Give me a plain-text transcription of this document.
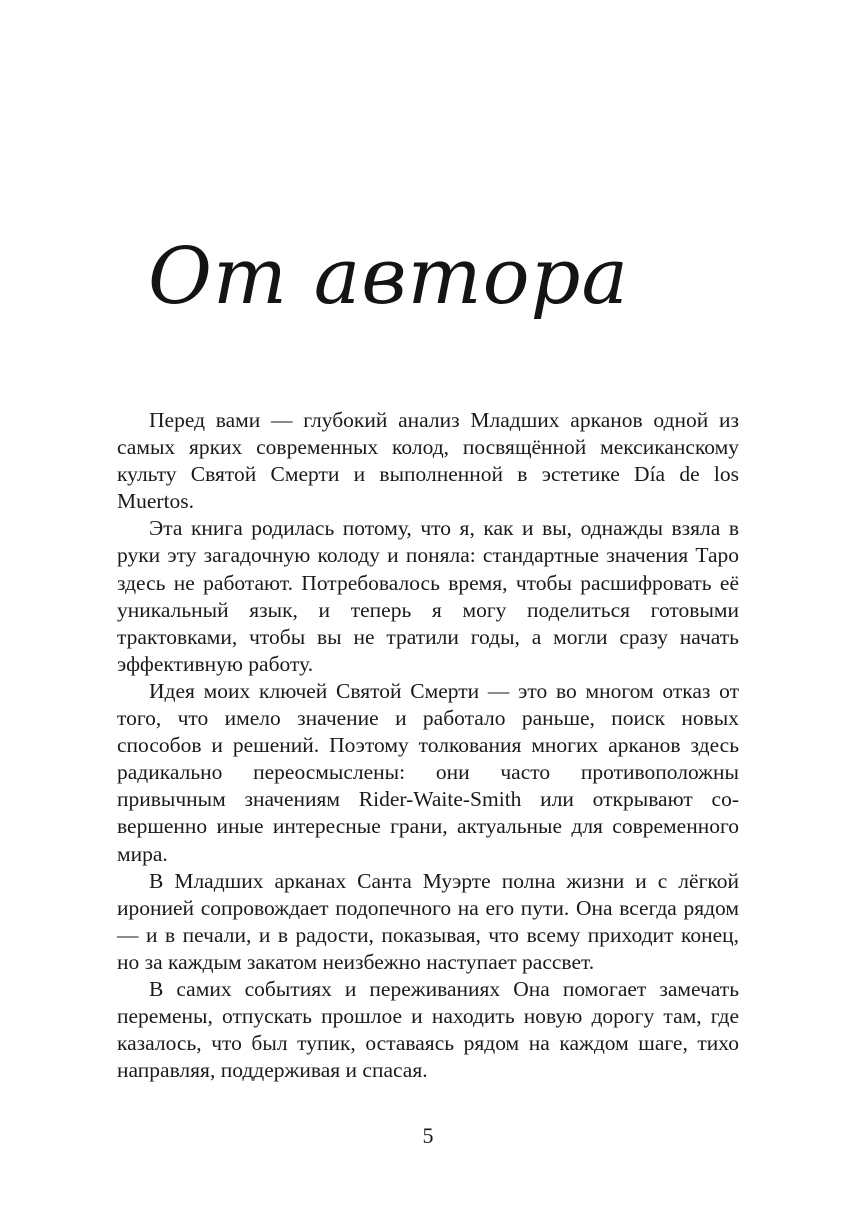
От автора

Перед вами — глубокий анализ Младших арканов одной из самых ярких современных колод, посвящённой мексиканскому культу Святой Смерти и выполненной в эстетике Día de los Muertos.

Эта книга родилась потому, что я, как и вы, однажды взяла в руки эту загадочную колоду и поняла: стандартные значения Таро здесь не работают. Потребовалось время, чтобы расшифровать её уникальный язык, и теперь я могу поделиться готовыми трактовками, чтобы вы не тратили годы, а могли сразу начать эффективную работу.

Идея моих ключей Святой Смерти — это во многом отказ от того, что имело значение и работало раньше, поиск новых способов и решений. Поэтому толкования многих арканов здесь радикально переосмыслены: они часто противоположны привычным значениям Rider-Waite-Smith или открывают совершенно иные интересные грани, актуальные для современного мира.

В Младших арканах Санта Муэрте полна жизни и с лёгкой иронией сопровождает подопечного на его пути. Она всегда рядом — и в печали, и в радости, показывая, что всему приходит конец, но за каждым закатом неизбежно наступает рассвет.

В самих событиях и переживаниях Она помогает замечать перемены, отпускать прошлое и находить новую дорогу там, где казалось, что был тупик, оставаясь рядом на каждом шаге, тихо направляя, поддерживая и спасая.

5
